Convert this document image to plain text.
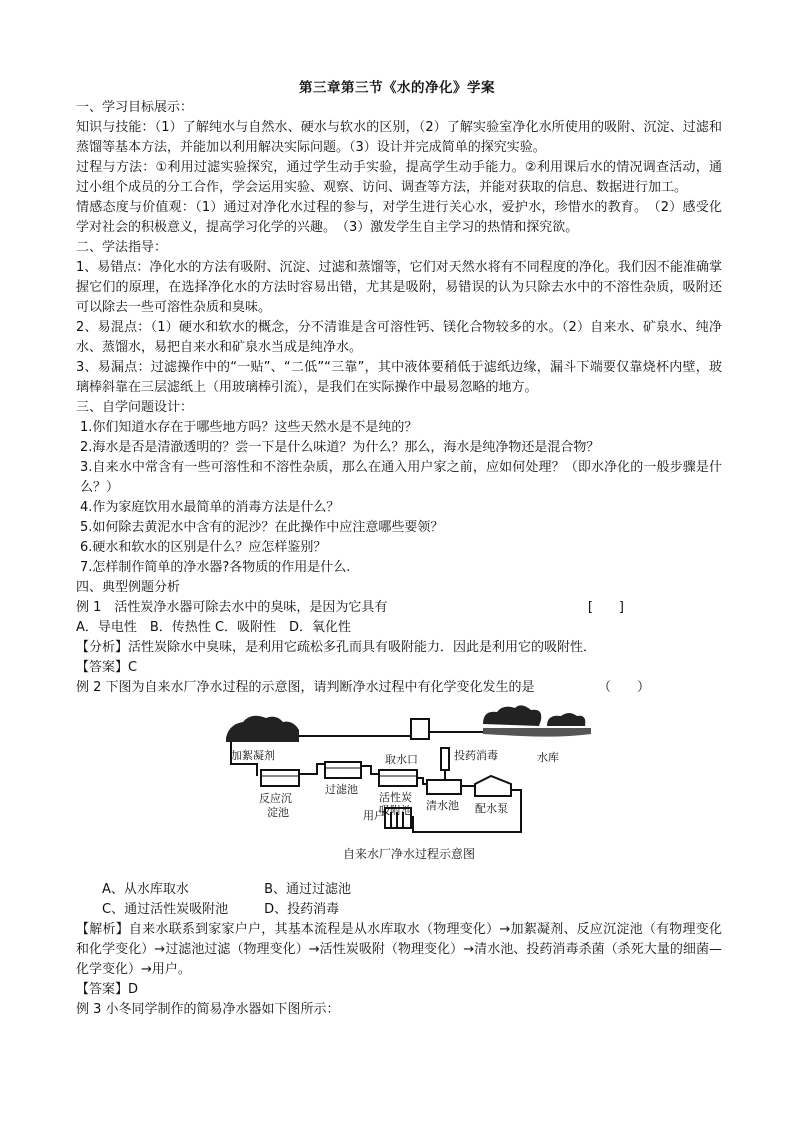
第三章第三节《水的净化》学案

一、学习目标展示：

知识与技能：（1）了解纯水与自然水、硬水与软水的区别，（2）了解实验室净化水所使用的吸附、沉淀、过滤和蒸馏等基本方法，并能加以利用解决实际问题。（3）设计并完成简单的探究实验。

过程与方法：①利用过滤实验探究，通过学生动手实验，提高学生动手能力。②利用课后水的情况调查活动，通过小组个成员的分工合作，学会运用实验、观察、访问、调查等方法，并能对获取的信息、数据进行加工。

情感态度与价值观：（1）通过对净化水过程的参与，对学生进行关心水，爱护水，珍惜水的教育。　（2）感受化学对社会的积极意义，提高学习化学的兴趣。　（3）激发学生自主学习的热情和探究欲。

二、学法指导：

1、易错点：净化水的方法有吸附、沉淀、过滤和蒸馏等，它们对天然水将有不同程度的净化。我们因不能准确掌握它们的原理，在选择净化水的方法时容易出错，尤其是吸附，易错误的认为只除去水中的不溶性杂质，吸附还可以除去一些可溶性杂质和臭味。

2、易混点：（1）硬水和软水的概念，分不清谁是含可溶性钙、镁化合物较多的水。（2）自来水、矿泉水、纯净水、蒸馏水，易把自来水和矿泉水当成是纯净水。

3、易漏点：过滤操作中的“一贴”、“二低”“三靠”，其中液体要稍低于滤纸边缘，漏斗下端要仅靠烧杯内壁，玻璃棒斜靠在三层滤纸上（用玻璃棒引流），是我们在实际操作中最易忽略的地方。

三、自学问题设计：

1.你们知道水存在于哪些地方吗？这些天然水是不是纯的？

2.海水是否是清澈透明的？尝一下是什么味道？为什么？那么，海水是纯净物还是混合物？

3.自来水中常含有一些可溶性和不溶性杂质，那么在通入用户家之前，应如何处理？（即水净化的一般步骤是什么？）

4.作为家庭饮用水最简单的消毒方法是什么？

5.如何除去黄泥水中含有的泥沙？在此操作中应注意哪些要领？

6.硬水和软水的区别是什么？应怎样鉴别？

7.怎样制作简单的净水器?各物质的作用是什么.

四、典型例题分析

例 1　活性炭净水器可除去水中的臭味，是因为它具有	[　　]

A．导电性　B．传热性 C．吸附性　D．氧化性

【分析】活性炭除水中臭味，是利用它疏松多孔而具有吸附能力．因此是利用它的吸附性．

【答案】C

例 2 下图为自来水厂净水过程的示意图，请判断净水过程中有化学变化发生的是	（　　）

水库
取水口
加絮凝剂	投药消毒
反应沉
淀池
过滤池
活性炭
吸附池 清水池 配水泵
用户
自来水厂净水过程示意图

A、从水库取水	B、通过过滤池

C、通过活性炭吸附池	D、投药消毒

【解析】自来水联系到家家户户，其基本流程是从水库取水（物理变化）→加絮凝剂、反应沉淀池（有物理变化和化学变化）→过滤池过滤（物理变化）→活性炭吸附（物理变化）→清水池、投药消毒杀菌（杀死大量的细菌—化学变化）→用户。

【答案】D

例 3 小冬同学制作的简易净水器如下图所示：
